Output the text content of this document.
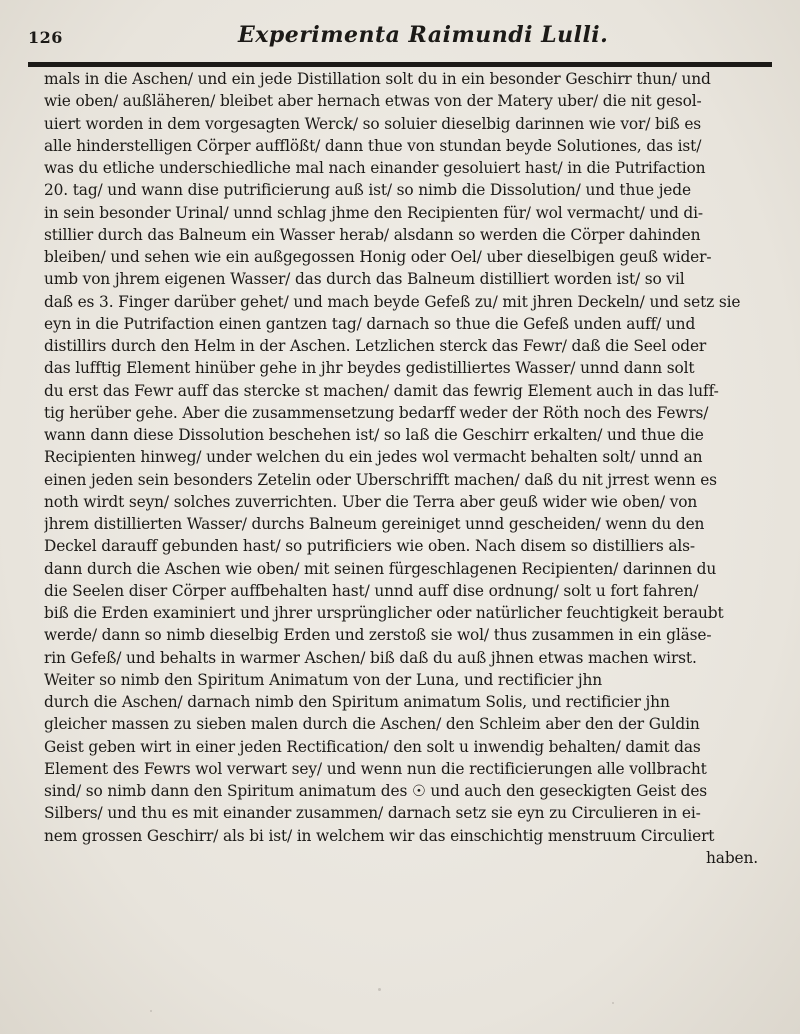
126	Experimenta Raimundi Lulli.
mals in die Aschen/ und ein jede Distillation solt du in ein besonder Geschirr thun/ und
wie oben/ außläheren/ bleibet aber hernach etwas von der Matery uber/ die nit gesol-
uiert worden in dem vorgesagten Werck/ so soluier dieselbig darinnen wie vor/ biß es
alle hinderstelligen Cörper aufflößt/ dann thue von stundan beyde Solutiones, das ist/
was du etliche underschiedliche mal nach einander gesoluiert hast/ in die Putrifaction
20. tag/ und wann dise putrificierung auß ist/ so nimb die Dissolution/ und thue jede
in sein besonder Urinal/ unnd schlag jhme den Recipienten für/ wol vermacht/ und di-
stillier durch das Balneum ein Wasser herab/ alsdann so werden die Cörper dahinden
bleiben/ und sehen wie ein außgegossen Honig oder Oel/ uber dieselbigen geuß wider-
umb von jhrem eigenen Wasser/ das durch das Balneum distilliert worden ist/ so vil
daß es 3. Finger darüber gehet/ und mach beyde Gefeß zu/ mit jhren Deckeln/ und setz sie
eyn in die Putrifaction einen gantzen tag/ darnach so thue die Gefeß unden auff/ und
distillirs durch den Helm in der Aschen. Letzlichen sterck das Fewr/ daß die Seel oder
das lufftig Element hinüber gehe in jhr beydes gedistilliertes Wasser/ unnd dann solt
du erst das Fewr auff das stercke st machen/ damit das fewrig Element auch in das luff-
tig herüber gehe. Aber die zusammensetzung bedarff weder der Röth noch des Fewrs/
wann dann diese Dissolution beschehen ist/ so laß die Geschirr erkalten/ und thue die
Recipienten hinweg/ under welchen du ein jedes wol vermacht behalten solt/ unnd an
einen jeden sein besonders Zetelin oder Uberschrifft machen/ daß du nit jrrest wenn es
noth wirdt seyn/ solches zuverrichten. Uber die Terra aber geuß wider wie oben/ von
jhrem distillierten Wasser/ durchs Balneum gereiniget unnd gescheiden/ wenn du den
Deckel darauff gebunden hast/ so putrificiers wie oben. Nach disem so distilliers als-
dann durch die Aschen wie oben/ mit seinen fürgeschlagenen Recipienten/ darinnen du
die Seelen diser Cörper auffbehalten hast/ unnd auff dise ordnung/ solt u fort fahren/
biß die Erden examiniert und jhrer ursprünglicher oder natürlicher feuchtigkeit beraubt
werde/ dann so nimb dieselbig Erden und zerstoß sie wol/ thus zusammen in ein gläse-
rin Gefeß/ und behalts in warmer Aschen/ biß daß du auß jhnen etwas machen wirst.
Weiter so nimb den Spiritum Animatum von der Luna, und rectificier jhn
durch die Aschen/ darnach nimb den Spiritum animatum Solis, und rectificier jhn
gleicher massen zu sieben malen durch die Aschen/ den Schleim aber den der Guldin
Geist geben wirt in einer jeden Rectification/ den solt u inwendig behalten/ damit das
Element des Fewrs wol verwart sey/ und wenn nun die rectificierungen alle vollbracht
sind/ so nimb dann den Spiritum animatum des ☉ und auch den geseckigten Geist des
Silbers/ und thu es mit einander zusammen/ darnach setz sie eyn zu Circulieren in ei-
nem grossen Geschirr/ als bi ist/ in welchem wir das einschichtig menstruum Circuliert
haben.
